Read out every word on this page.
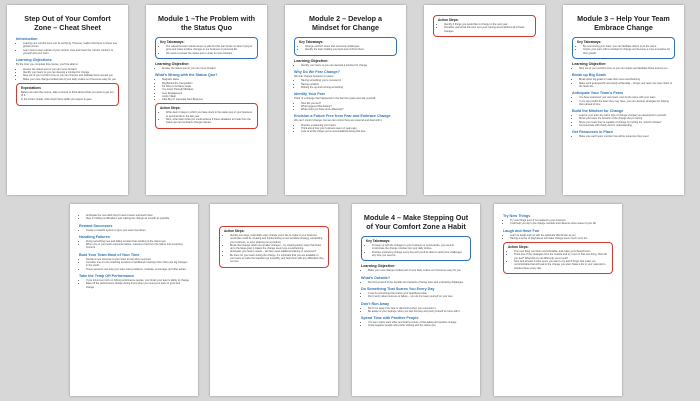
Step Out of Your Comfort Zone – Cheat Sheet
Introduction
• Leaving your comfort zone can be terrifying. However, realize that there is where true growth occurs.
• Learn how to step outside of your comfort zone and foster the “stretch mindset” to yourself and your team.
Learning Objectives:
By the time you complete this course, you’ll be able to:
• Answer the status quo so you can move forward
• Identify your fears so you can develop a mindset for change
• Step out of your comfort zone so you can improve and facilitate those around you
• Make your new change-minded part of your daily routine so it becomes easy for you
Expectations
Before we start the course, take a minute to think about what you want to get out of it.
In the Action Guide, write down three skills you expect to gain.
Module 1 –The Problem with the Status Quo
Key Takeaways:
• Our natural human instincts keep us safe but this can hinder us when trying to grow and make positive changes in our business or personal life.
• We need to answer the status quo in order to move forward.
Learning Objective:
• Answer the status quo so you can move forward
What’s Wrong with the Status Quo?
• Stagnant Ideas
• Dig Behind the Competition
• No Drive to Achieve Goals
• You Grow Through Mistakes
• Less Engagement
• Limits Vision
• Little Buy-In Generate New Business
Action Steps:
• Write down 3 ways in which you have stuck to the status quo in your business or personal life in the last year.
• Next, write down what you could achieve if these situations to break from the status quo and embrace change instead.
Module 2 – Develop a Mindset for Change
Key Takeaways:
• Change comfort zones and overcome challenges.
• Identify the fears holding you back and confront them.
Learning Objective:
• Identify your fears so you can develop a mindset for change
Why Do We Fear Change?
We fear change because it means:
• Having something you’re invested in
• Having certainty
• Risking the up-and-coming something
Identify Your Fear
Think of a change that happened in the last few years and ask yourself:
• How did you feel?
• What triggered that feeling?
• What could you have done differently?
Envision a Future Free from Fear and Embrace Change
We can’t control change, but we can control how we respond and deal with it.
• Practice envisioning your future
• Think about how your business was 1-2 years ago
• Look at all the things you’ve accomplished during this time
Action Steps:
• Identify 3 things you would like to change in the next year.
• Visualize yourself at this time next year, having accomplished all of those changes.
Module 3 – Help Your Team Embrace Change
Key Takeaways:
• By overcoming your fears, you can facilitate others to do the same.
• Inspire your team with a mindset for change and become a more innovative for their growth.
Learning Objective:
• Step out of your comfort zone so you can inspire and facilitate those around you
Break up Big Goals
• Break down big goals to make them less overwhelming
• Make each goal specific and easily achievable – brings your team one step closer to the finish line
Anticipate Your Team’s Fears
• You have examined your own fears, now do the same with your team
• If you can predict the fears they may have, you can develop strategies for helping them ahead of time
Build the Mindset for Change
• Lead or your team the same type of change mindset you developed in yourself:
• Show your team the benefits of the change they’re facing
• Show your team they’re capable of change by inviting the “stretch mindset”
• Communicate with clarity and for understanding
Get Resources in Place
• Make sure each team member has all the resources they need
• Anticipate the new skills they’ll need to learn and teach them
• Step in holding certifications and making the change as smooth as possible
Reward Successes
• Create a rewards system to give your team incentives
Handling Failures
• Fixing something new and failing is better than sticking to the status quo
• When you or your team encounter failure, reassess it and turn the failure into a learning moment
Bust Your Team Most of Your Time
• Decide a new structure to your team to help them succeed
• Consider one-on-one coaching sessions or additional meetings when there are big changes in the works
• These sessions can help your team voice problems, motivate, encourage, and offer advice
Take the Temp Off Performance
• If you focus too much on hitting performance quotas, you hinder your team’s ability to change
• Ease off the performance climate during times when you need your team to grow and change
Action Steps:
• Identify one large, potentially scary change you’d like to make in your business (examples could be creating and implementing a new workflow strategy, rebranding your business, or even phasing out a product).
• Break that change down into smaller changes – by creating action steps that build-up to the large goal, it makes the change seem less overwhelming.
• Anticipate your team’s needs – will they need additional training or resources?
• Be there for your team during the change. It’s important that you are available to your team to make the transition go smoothly, and help them with any difficulties they run into.
Module 4 – Make Stepping Out of Your Comfort Zone a Habit
Key Takeaways:
• To keep up with the changes in your business or personal life, you need to incorporate the change mindset into your daily routine.
• Practice embracing change every day and you’ll be able to easily face challenges any time you need to.
Learning Objective:
• Make your new change-minded part of your daily routine so it becomes easy for you
What’s Outside?
• Remind yourself of the benefits and rewards of facing fears and embracing challenges
Do Something That Scares You Every Day
• It can be something that scares your heartbeat a little
• Don’t worry about success or failure – you do it to keep yourself on your toes
Don’t Run Away
• Don’t run away from fear or discomfort when you encounter it
• Be aware of your feelings, when you feel this way and push yourself to move with it
Spend Time with Positive People
• You can inspire each other and build a culture of risk-taking and positive change
• Avoid negative people who prefer sticking with the status quo
Try New Things
• Try new things even if not related to your business
• It will help you dip in the change mindset and influence other areas of your life
Laugh and Have Fun
• Learn to laugh and not with the particular tiffs thrown at you
• Having a sense of playfulness will make change seem much more fun
Action Steps:
• One new thing you think uncomfortable, and make you’d benefit from.
• Think one of the strategies from the module and try it out on that new thing. How did you feel? What did you do differently as a result?
• Now pick at least 3 other items you want to try and 3 things that make you uncomfortable that will lead to the change you want. Make a list in your calendar to practice these every day.
